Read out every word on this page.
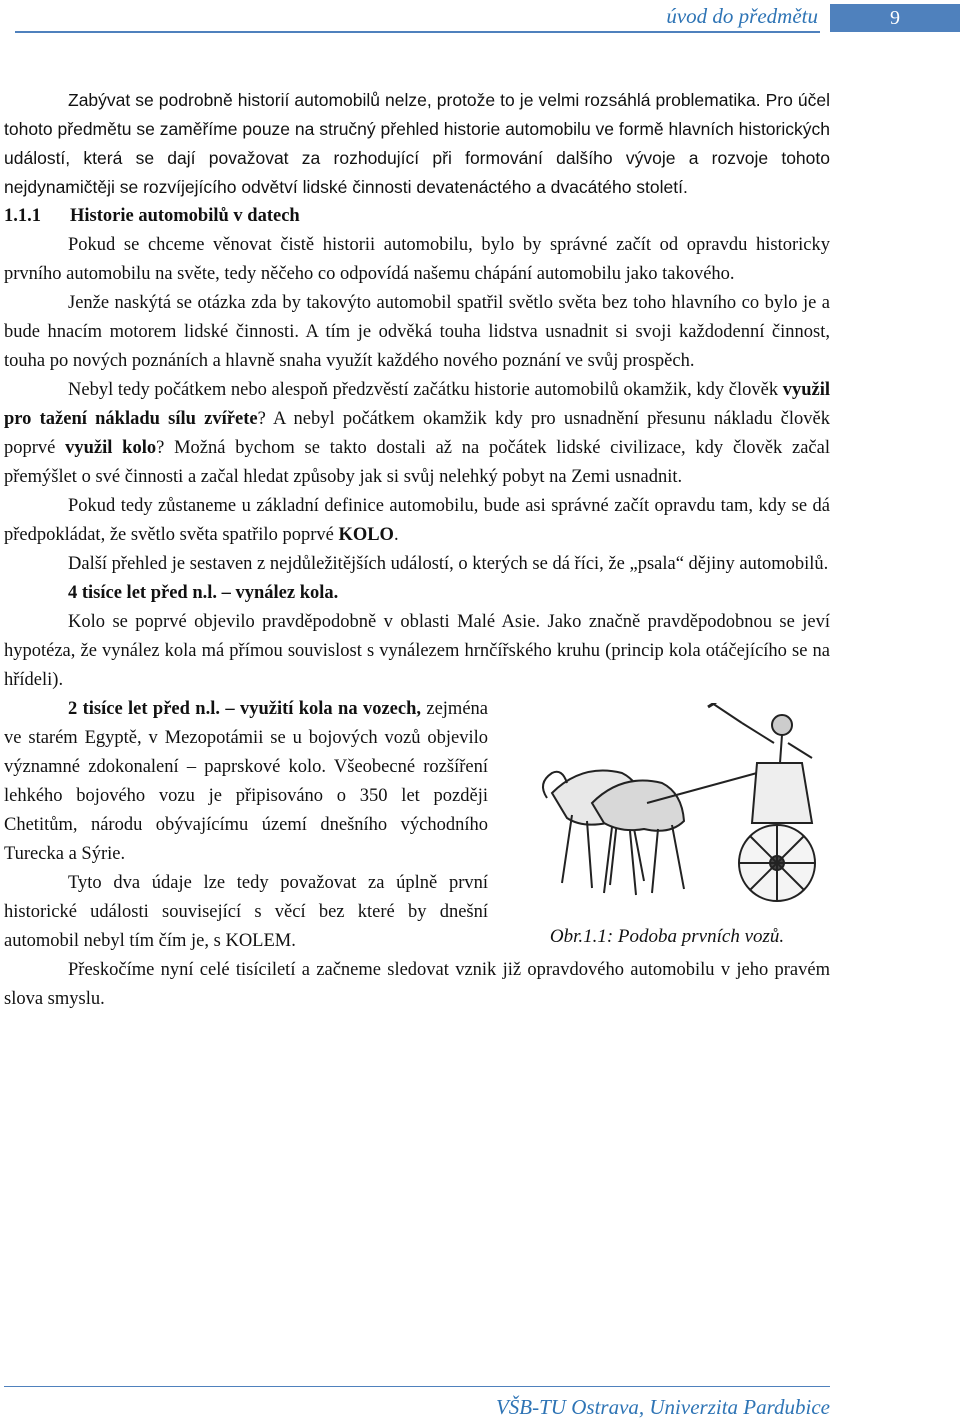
úvod do předmětu	9

Zabývat se podrobně historií automobilů nelze, protože to je velmi rozsáhlá problematika. Pro účel tohoto předmětu se zaměříme pouze na stručný přehled historie automobilu ve formě hlavních historických událostí, která se dají považovat za rozhodující při formování dalšího vývoje a rozvoje tohoto nejdynamičtěji se rozvíjejícího odvětví lidské činnosti devatenáctého a dvacátého století.

1.1.1 Historie automobilů v datech

Pokud se chceme věnovat čistě historii automobilu, bylo by správné začít od opravdu historicky prvního automobilu na světe, tedy něčeho co odpovídá našemu chápání automobilu jako takového.

Jenže naskýtá se otázka zda by takovýto automobil spatřil světlo světa bez toho hlavního co bylo je a bude hnacím motorem lidské činnosti. A tím je odvěká touha lidstva usnadnit si svoji každodenní činnost, touha po nových poznáních a hlavně snaha využít každého nového poznání ve svůj prospěch.

Nebyl tedy počátkem nebo alespoň předzvěstí začátku historie automobilů okamžik, kdy člověk využil pro tažení nákladu sílu zvířete? A nebyl počátkem okamžik kdy pro usnadnění přesunu nákladu člověk poprvé využil kolo? Možná bychom se takto dostali až na počátek lidské civilizace, kdy člověk začal přemýšlet o své činnosti a začal hledat způsoby jak si svůj nelehký pobyt na Zemi usnadnit.

Pokud tedy zůstaneme u základní definice automobilu, bude asi správné začít opravdu tam, kdy se dá předpokládat, že světlo světa spatřilo poprvé KOLO.

Další přehled je sestaven z nejdůležitějších událostí, o kterých se dá říci, že „psala“ dějiny automobilů.

4 tisíce let před n.l. – vynález kola.

Kolo se poprvé objevilo pravděpodobně v oblasti Malé Asie. Jako značně pravděpodobnou se jeví hypotéza, že vynález kola má přímou souvislost s vynálezem hrnčířského kruhu (princip kola otáčejícího se na hřídeli).

Obr.1.1: Podoba prvních vozů.

2 tisíce let před n.l. – využití kola na vozech, zejména ve starém Egyptě, v Mezopotámii se u bojových vozů objevilo významné zdokonalení – paprskové kolo. Všeobecné rozšíření lehkého bojového vozu je připisováno o 350 let později Chetitům, národu obývajícímu území dnešního východního Turecka a Sýrie.

Tyto dva údaje lze tedy považovat za úplně první historické události související s věcí bez které by dnešní automobil nebyl tím čím je, s KOLEM.

Přeskočíme nyní celé tisíciletí a začneme sledovat vznik již opravdového automobilu v jeho pravém slova smyslu.

VŠB-TU Ostrava, Univerzita Pardubice
